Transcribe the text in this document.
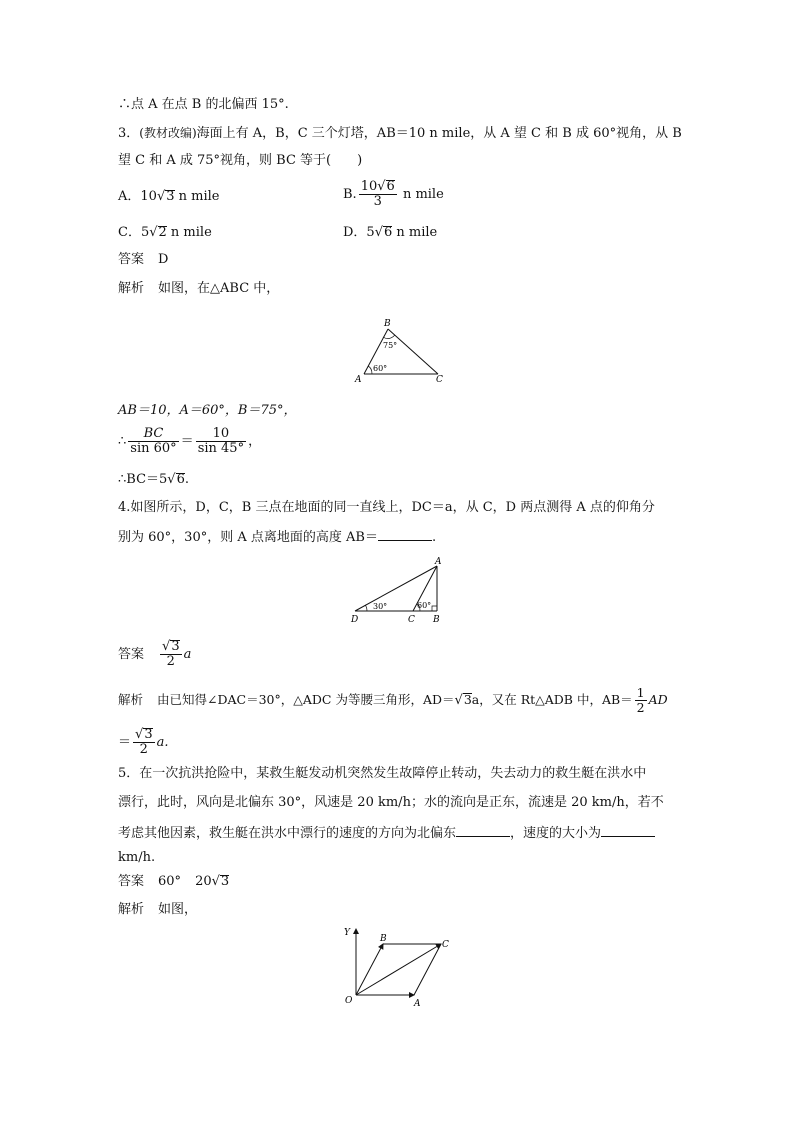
∴点 A 在点 B 的北偏西 15°.
3．(教材改编)海面上有 A，B，C 三个灯塔，AB＝10 n mile，从 A 望 C 和 B 成 60°视角，从 B
望 C 和 A 成 75°视角，则 BC 等于(　　)
A．10√3 n mile	B. $\frac{10√6}{3}$ n mile
C．5√2 n mile	D．5√6 n mile
答案 D
解析 如图，在△ABC 中，
B
A	C
75°
60°
AB＝10，A＝60°，B＝75°，
∴ $\frac{BC}{\sin 60^\circ} = \frac{10}{\sin 45^\circ}$ ，
∴BC＝5√6.
4.如图所示，D，C，B 三点在地面的同一直线上，DC＝a，从 C，D 两点测得 A 点的仰角分
别为 60°，30°，则 A 点离地面的高度 AB＝	.
A
D	C B
30°	60°
答案 $\frac{√3}{2}$ a
解析 由已知得∠DAC＝30°，△ADC 为等腰三角形，AD＝√3a，又在 Rt△ADB 中，$AB= \frac{1}{2}$ AD
＝ $\frac{√3}{2} a$.
5．在一次抗洪抢险中，某救生艇发动机突然发生故障停止转动，失去动力的救生艇在洪水中
漂行，此时，风向是北偏东 30°，风速是 20 km/h；水的流向是正东，流速是 20 km/h，若不
考虑其他因素，救生艇在洪水中漂行的速度的方向为北偏东	，速度的大小为
km/h.
答案 60° 20√3
解析 如图，
Y
O	A
B
C
